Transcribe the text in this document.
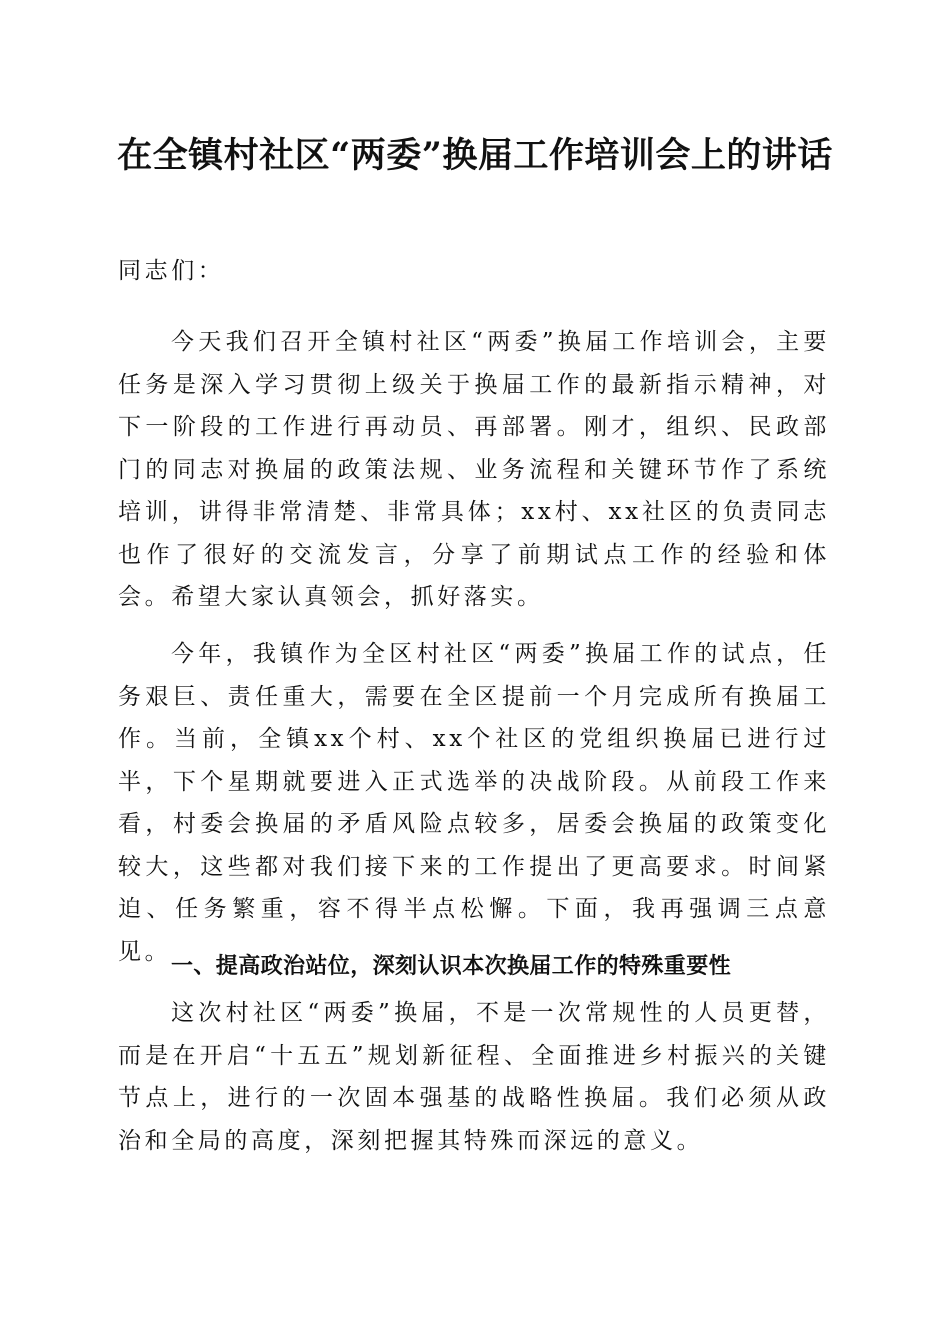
在全镇村社区“两委”换届工作培训会上的讲话

同志们：

今天我们召开全镇村社区“两委”换届工作培训会，主要任务是深入学习贯彻上级关于换届工作的最新指示精神，对下一阶段的工作进行再动员、再部署。刚才，组织、民政部门的同志对换届的政策法规、业务流程和关键环节作了系统培训，讲得非常清楚、非常具体；xx村、xx社区的负责同志也作了很好的交流发言，分享了前期试点工作的经验和体会。希望大家认真领会，抓好落实。

今年，我镇作为全区村社区“两委”换届工作的试点，任务艰巨、责任重大，需要在全区提前一个月完成所有换届工作。当前，全镇xx个村、xx个社区的党组织换届已进行过半，下个星期就要进入正式选举的决战阶段。从前段工作来看，村委会换届的矛盾风险点较多，居委会换届的政策变化较大，这些都对我们接下来的工作提出了更高要求。时间紧迫、任务繁重，容不得半点松懈。下面，我再强调三点意见。

一、提高政治站位，深刻认识本次换届工作的特殊重要性

这次村社区“两委”换届，不是一次常规性的人员更替，而是在开启“十五五”规划新征程、全面推进乡村振兴的关键节点上，进行的一次固本强基的战略性换届。我们必须从政治和全局的高度，深刻把握其特殊而深远的意义。
